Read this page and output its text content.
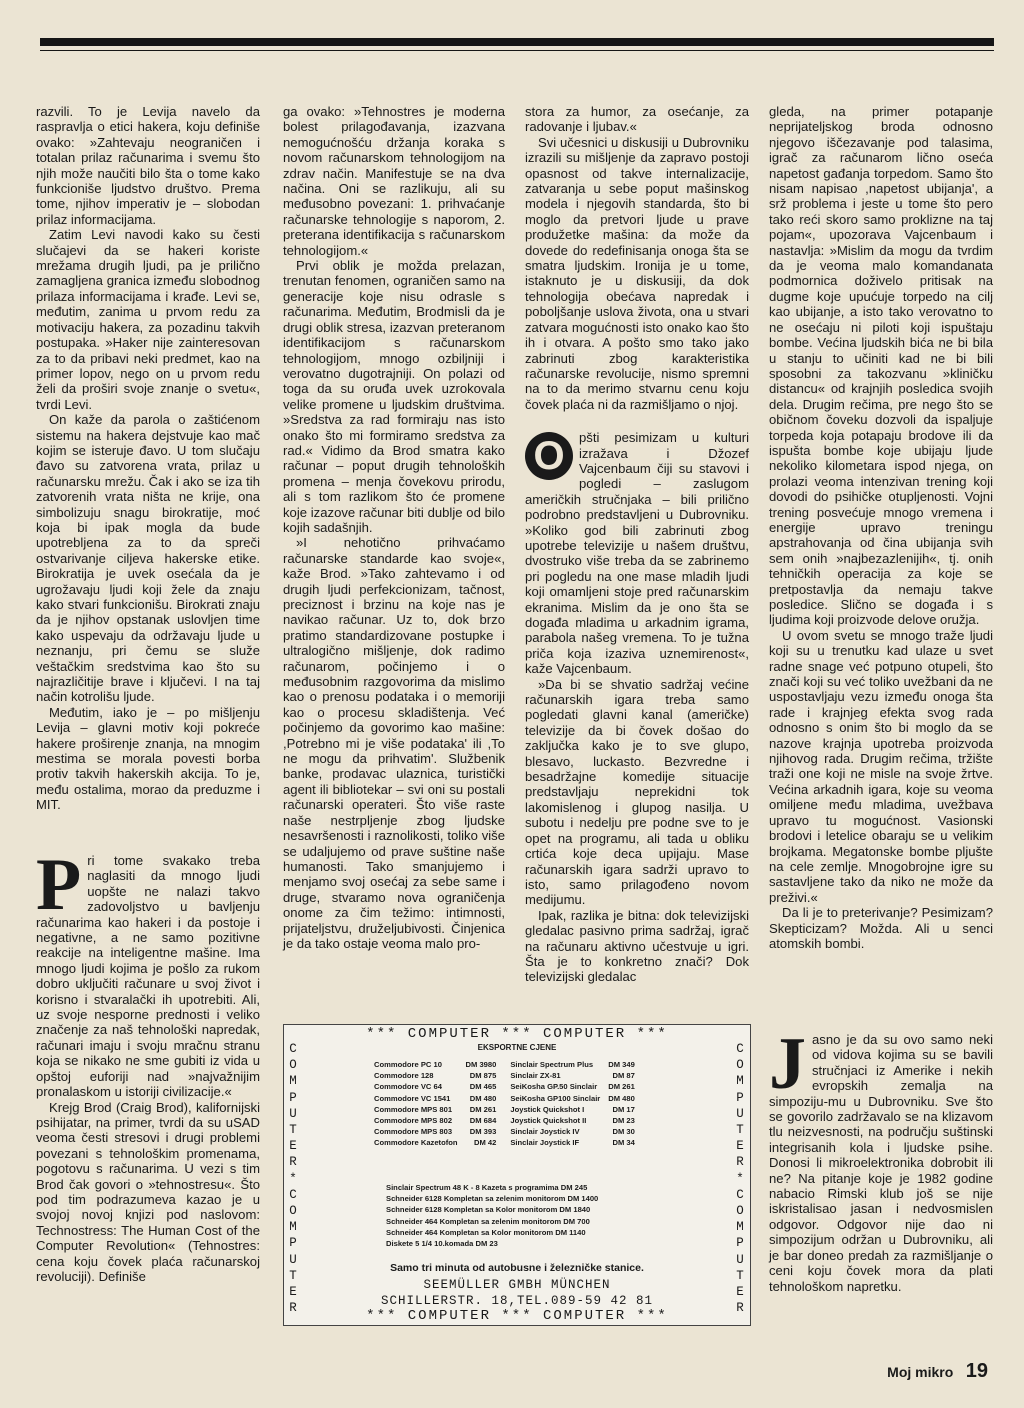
razvili. To je Levija navelo da raspravlja o etici hakera, koju definiše ovako: »Zahtevaju neograničen i totalan prilaz računarima i svemu što njih može naučiti bilo šta o tome kako funkcionišе ljudstvo društvo. Prema tome, njihov imperativ je – slobodan prilaz informacijama.

Zatim Levi navodi kako su česti slučajevi da se hakeri koriste mrežama drugih ljudi, pa je prilično zamagljena granica između slobodnog prilaza informacijama i krađe. Levi se, međutim, zanima u prvom redu za motivaciju hakera, za pozadinu takvih postupaka. »Haker nije zainteresovan za to da pribavi neki predmet, kao na primer lopov, nego on u prvom redu želi da proširi svoje znanje o svetu«, tvrdi Levi.

On kaže da parola o zaštićenom sistemu na hakera dejstvuje kao mač kojim se isteruje đavo. U tom slučaju đavo su zatvorena vrata, prilaz u računarsku mrežu. Čak i ako se iza tih zatvorenih vrata ništa ne krije, ona simbolizuju snagu birokratije, moć koja bi ipak mogla da bude upotrebljena za to da spreči ostvarivanje ciljeva hakerske etike. Birokratija je uvek osećala da je ugrožavaju ljudi koji žele da znaju kako stvari funkcionišu. Birokrati znaju da je njihov opstanak uslovljen time kako uspevaju da održavaju ljude u neznanju, pri čemu se služe veštačkim sredstvima kao što su najrazličitije brave i ključevi. I na taj način kotrolišu ljude.

Međutim, iako je – po mišljenju Levija – glavni motiv koji pokreće hakere proširenje znanja, na mnogim mestima se morala povesti borba protiv takvih hakerskih akcija. To je, među ostalima, morao da preduzme i MIT.

Pri tome svakako treba naglasiti da mnogo ljudi uopšte ne nalazi takvo zadovoljstvo u bavljenju računarima kao hakeri i da postoje i negativne, a ne samo pozitivne reakcije na inteligentne mašine. Ima mnogo ljudi kojima je pošlo za rukom dobro uključiti računare u svoj život i korisno i stvaralački ih upotrebiti. Ali, uz svoje nesporne prednosti i veliko značenje za naš tehnološki napredak, računari imaju i svoju mračnu stranu koja se nikako ne sme gubiti iz vida u opštoj euforiji nad »najvažnijim pronalaskom u istoriji civilizacije.«

Krejg Brod (Craig Brod), kalifornijski psihijatar, na primer, tvrdi da su uSAD veoma česti stresovi i drugi problemi povezani s tehnološkim promenama, pogotovu s računarima. U vezi s tim Brod čak govori o »tehnostresu«. Što pod tim podrazumeva kazao je u svojoj novoj knjizi pod naslovom: Technostress: The Human Cost of the Computer Revolution« (Tehnostres: cena koju čovek plaća računarskoj revoluciji). Definiše

ga ovako: »Tehnostres je moderna bolest prilagođavanja, izazvana nemogućnošću držanja koraka s novom računarskom tehnologijom na zdrav način. Manifestuje se na dva načina. Oni se razlikuju, ali su međusobno povezani: 1. prihvaćanje računarske tehnologije s naporom, 2. preterana identifikacija s računarskom tehnologijom.«

Prvi oblik je možda prelazan, trenutan fenomen, ograničen samo na generacije koje nisu odrasle s računarima. Međutim, Brodmisli da je drugi oblik stresa, izazvan preteranom identifikacijom s računarskom tehnologijom, mnogo ozbiljniji i verovatno dugotrajniji. On polazi od toga da su oruđa uvek uzrokovala velike promene u ljudskim društvima. »Sredstva za rad formiraju nas isto onako što mi formiramo sredstva za rad.« Vidimo da Brod smatra kako računar – poput drugih tehnoloških promena – menja čovekovu prirodu, ali s tom razlikom što će promene koje izazove računar biti dublje od bilo kojih sadašnjih.

»I nehotično prihvaćamo računarske standarde kao svoje«, kaže Brod. »Tako zahtevamo i od drugih ljudi perfekcionizam, tačnost, preciznost i brzinu na koje nas je navikao računar. Uz to, dok brzo pratimo standardizovane postupke i ultralogično mišljenje, dok radimo računarom, počinjemo i o međusobnim razgovorima da mislimo kao o prenosu podataka i o memoriji kao o procesu skladištenja. Već počinjemo da govorimo kao mašine: ,Potrebno mi je više podataka' ili ,To ne mogu da prihvatim'. Službenik banke, prodavac ulaznica, turistički agent ili bibliotekar – svi oni su postali računarski operateri. Što više raste naše nestrpljenje zbog ljudske nesavršenosti i raznolikosti, toliko više se udaljujemo od prave suštine naše humanosti. Tako smanjujemo i menjamo svoj osećaj za sebe same i druge, stvaramo nova ograničenja onome za čim težimo: intimnosti, prijateljstvu, druželjubivosti. Činjenica je da tako ostaje veoma malo pro-

stora za humor, za osećanje, za radovanje i ljubav.«

Svi učesnici u diskusiji u Dubrovniku izrazili su mišljenje da zapravo postoji opasnost od takve internalizacije, zatvaranja u sebe poput mašinskog modela i njegovih standarda, što bi moglo da pretvori ljude u prave produžetke mašina: da može da dovede do redefinisanja onoga šta se smatra ljudskim. Ironija je u tome, istaknuto je u diskusiji, da dok tehnologija obećava napredak i poboljšanje uslova života, ona u stvari zatvara mogućnosti isto onako kao što ih i otvara. A pošto smo tako jako zabrinuti zbog karakteristika računarske revolucije, nismo spremni na to da merimo stvarnu cenu koju čovek plaća ni da razmišljamo o njoj.

O	pšti pesimizam u kulturi izražava i Džozef Vajcenbaum čiji su stavovi i pogledi – zaslugom američkih stručnjaka – bili prilično podrobno predstavljeni u Dubrovniku. »Koliko god bili zabrinuti zbog upotrebe televizije u našem društvu, dvostruko više treba da se zabrinemo pri pogledu na one mase mladih ljudi koji omamljeni stoje pred računarskim ekranima. Mislim da je ono šta se događa mladima u arkadnim igrama, parabola našeg vremena. To je tužna priča koja izaziva uznemirenost«, kaže Vajcenbaum.

»Da bi se shvatio sadržaj većine računarskih igara treba samo pogledati glavni kanal (američke) televizije da bi čovek došao do zaključka kako je to sve glupo, blesavo, luckasto. Bezvredne i besadržajne komedije situacije predstavljaju neprekidni tok lakomislenog i glupog nasilja. U subotu i nedelju pre podne sve to je opet na programu, ali tada u obliku crtića koje deca upijaju. Mase računarskih igara sadrži upravo to isto, samo prilagođeno novom medijumu.

Ipak, razlika je bitna: dok televizijski gledalac pasivno prima sadržaj, igrač na računaru aktivno učestvuje u igri. Šta je to konkretno znači? Dok televizijski gledalac

gleda, na primer potapanje neprijateljskog broda odnosno njegovo iščezavanje pod talasima, igrač za računarom lično oseća napetost gađanja torpedom. Samo što nisam napisao ,napetost ubijanja', a srž problema i jeste u tome što pero tako reći skoro samo proklizne na taj pojam«, upozorava Vajcenbaum i nastavlja: »Mislim da mogu da tvrdim da je veoma malo komandanata podmornica doživelo pritisak na dugme koje upućuje torpedo na cilj kao ubijanje, a isto tako verovatno to ne osećaju ni piloti koji ispuštaju bombe. Većina ljudskih bića ne bi bila u stanju to učiniti kad ne bi bili sposobni za takozvanu »kliničku distancu« od krajnjih posledica svojih dela. Drugim rečima, pre nego što se običnom čoveku dozvoli da ispaljuje torpeda koja potapaju brodove ili da ispušta bombe koje ubijaju ljude nekoliko kilometara ispod njega, on prolazi veoma intenzivan trening koji dovodi do psihičke otupljenosti. Vojni trening posvećuje mnogo vremena i energije upravo treningu apstrahovanja od čina ubijanja svih sem onih »najbezazlenijih«, tj. onih tehničkih operacija za koje se pretpostavlja da nemaju takve posledice. Slično se događa i s ljudima koji proizvode delove oružja.

U ovom svetu se mnogo traže ljudi koji su u trenutku kad ulaze u svet radne snage već potpuno otupeli, što znači koji su već toliko uvežbani da ne uspostavljaju vezu između onoga šta rade i krajnjeg efekta svog rada odnosno s onim što bi moglo da se nazove krajnja upotreba proizvoda njihovog rada. Drugim rečima, tržište traži one koji ne misle na svoje žrtve. Većina arkadnih igara, koje su veoma omiljene među mladima, uvežbava upravo tu mogućnost. Vasionski brodovi i letelice obaraju se u velikim brojkama. Megatonske bombe pljušte na cele zemlje. Mnogobrojne igre su sastavljene tako da niko ne može da preživi.«

Da li je to preterivanje? Pesimizam? Skepticizam? Možda. Ali u senci atomskih bombi.

Jasno je da su ovo samo neki od vidova kojima su se bavili stručnjaci iz Amerike i nekih evropskih zemalja na simpoziju-mu u Dubrovniku. Sve što se govorilo zadržavalo se na klizavom tlu neizvesnosti, na području suštinski integrisanih kola i ljudske psihe. Donosi li mikroelektronika dobrobit ili ne? Na pitanje koje je 1982 godine nabacio Rimski klub još se nije iskristalisao jasan i nedvosmislen odgovor. Odgovor nije dao ni simpozijum održan u Dubrovniku, ali je bar doneo predah za razmišljanje o ceni koju čovek mora da plati tehnološkom napretku.

*** COMPUTER *** COMPUTER ***
C
O
M
P
U
T
E
R
*
C
O
M
P
U
T
E
R
C
O
M
P
U
T
E
R
*
C
O
M
P
U
T
E
R
EKSPORTNE CJENE
Commodore PC 10	DM 3980	Sinclair Spectrum Plus	DM 349
Commodore 128	DM 875	Sinclair ZX-81	DM 87
Commodore VC 64	DM 465	SeiKosha GP.50 Sinclair	DM 261
Commodore VC 1541	DM 480	SeiKosha GP100 Sinclair	DM 480
Commodore MPS 801	DM 261	Joystick Quickshot I	DM 17
Commodore MPS 802	DM 684	Joystick Quickshot II	DM 23
Commodore MPS 803	DM 393	Sinclair Joystick IV	DM 30
Commodore Kazetofon	DM 42	Sinclair Joystick IF	DM 34
Sinclair Spectrum 48 K - 8 Kazeta s programima DM 245
Schneider 6128 Kompletan sa zelenim monitorom DM 1400
Schneider 6128 Kompletan sa Kolor monitorom DM 1840
Schneider 464 Kompletan sa zelenim monitorom DM 700
Schneider 464 Kompletan sa Kolor monitorom DM 1140
Diskete 5 1/4 10.komada DM 23
Samo tri minuta od autobusne i železničke stanice.
SEEMÜLLER GMBH MÜNCHEN
SCHILLERSTR. 18,TEL.089-59 42 81
*** COMPUTER *** COMPUTER ***
Moj mikro 19
